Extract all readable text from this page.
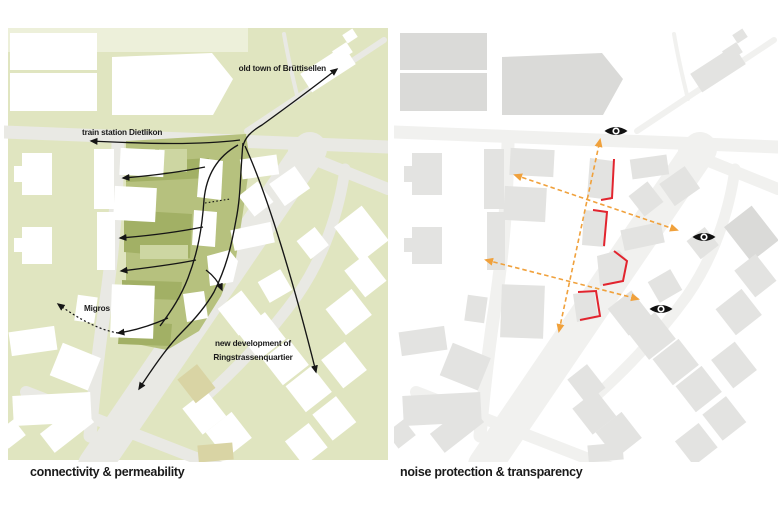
old town of Brüttisellen
train station Dietlikon
Migros
new development of
Ringstrassenquartier
connectivity & permeability	noise protection & transparency
